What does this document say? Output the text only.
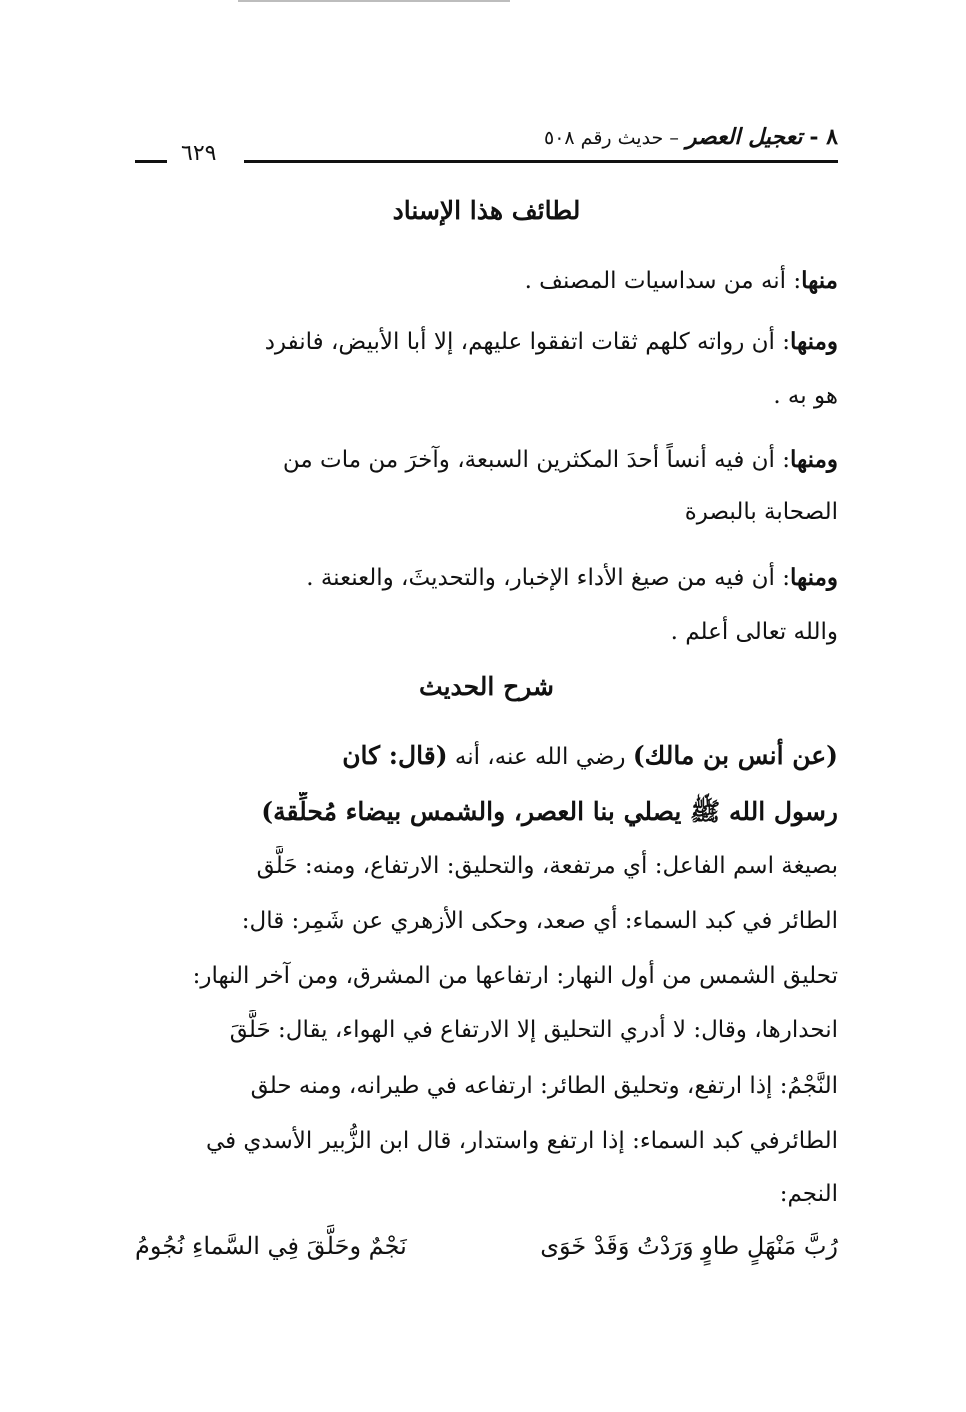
٨ - تعجيل العصر – حديث رقم ٥٠٨
٦٢٩
لطائف هذا الإسناد
منها: أنه من سداسيات المصنف .
ومنها: أن رواته كلهم ثقات اتفقوا عليهم، إلا أبا الأبيض، فانفرد
هو به .
ومنها: أن فيه أنساً أحدَ المكثرين السبعة، وآخرَ من مات من
الصحابة بالبصرة
ومنها: أن فيه من صيغ الأداء الإخبار، والتحديثَ، والعنعنة .
والله تعالى أعلم .
شرح الحديث
(عن أنس بن مالك) رضي الله عنه، أنه (قال: كان
رسول الله ﷺ يصلي بنا العصر، والشمس بيضاء مُحلِّقة)
بصيغة اسم الفاعل: أي مرتفعة، والتحليق: الارتفاع، ومنه: حَلَّق
الطائر في كبد السماء: أي صعد، وحكى الأزهري عن شَمِر: قال:
تحليق الشمس من أول النهار: ارتفاعها من المشرق، ومن آخر النهار:
انحدارها، وقال: لا أدري التحليق إلا الارتفاع في الهواء، يقال: حَلَّقَ
النَّجْمُ: إذا ارتفع، وتحليق الطائر: ارتفاعه في طيرانه، ومنه حلق
الطائرفي كبد السماء: إذا ارتفع واستدار، قال ابن الزُّبير الأسدي في
النجم:
رُبَّ مَنْهَلٍ طاوٍ وَرَدْتُ وَقَدْ خَوَى
نَجْمٌ وحَلَّقَ فِي السَّماءِ نُجُومُ
